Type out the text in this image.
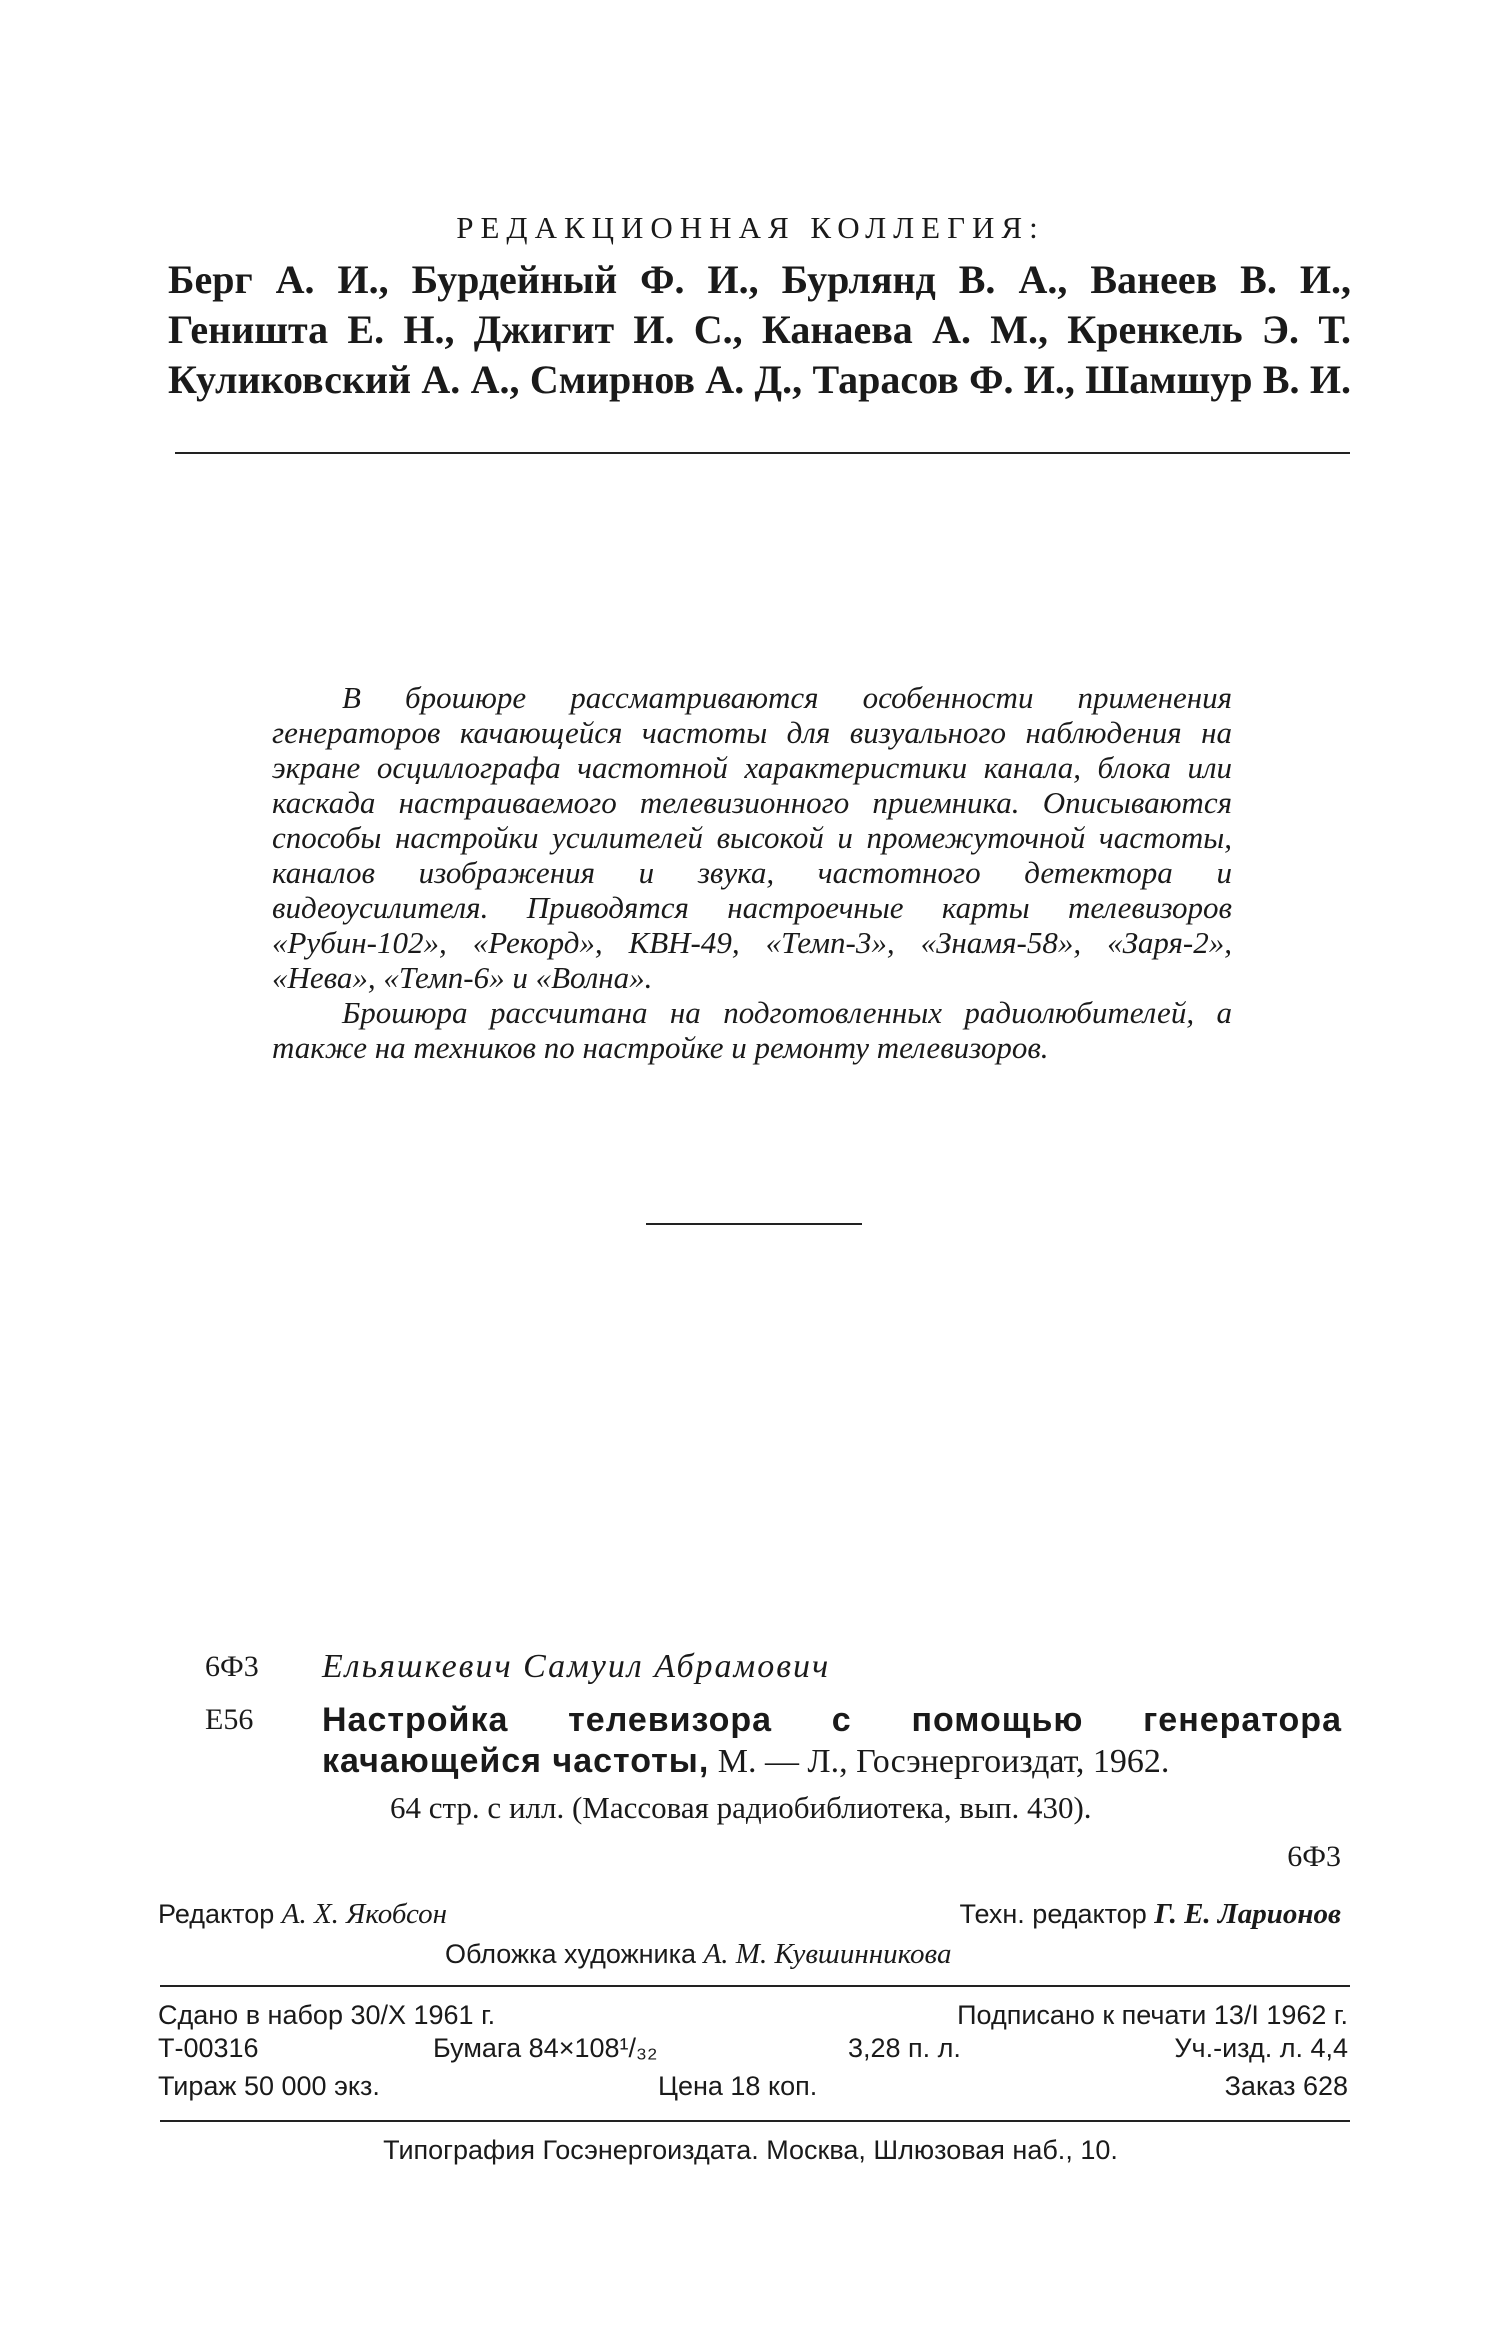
РЕДАКЦИОННАЯ КОЛЛЕГИЯ:
Берг А. И., Бурдейный Ф. И., Бурлянд В. А., Ванеев В. И.,
Геништа Е. Н., Джигит И. С., Канаева А. М., Кренкель Э. Т.
Куликовский А. А., Смирнов А. Д., Тарасов Ф. И., Шамшур В. И.

В брошюре рассматриваются особенности применения генераторов качающейся частоты для визуального наблюдения на экране осциллографа частотной характеристики канала, блока или каскада настраиваемого телевизионного приемника. Описываются способы настройки усилителей высокой и промежуточной частоты, каналов изображения и звука, частотного детектора и видеоусилителя. Приводятся настроечные карты телевизоров «Рубин-102», «Рекорд», КВН-49, «Темп-3», «Знамя-58», «Заря-2», «Нева», «Темп-6» и «Волна».

Брошюра рассчитана на подготовленных радиолюбителей, а также на техников по настройке и ремонту телевизоров.

6Ф3 Ельяшкевич Самуил Абрамович
Е56 Настройка телевизора с помощью генератора качающейся частоты, М. — Л., Госэнергоиздат, 1962.
64 стр. с илл. (Массовая радиобиблиотека, вып. 430).
6Ф3
Редактор А. Х. Якобсон	Техн. редактор Г. Е. Ларионов
Обложка художника А. М. Кувшинникова
Сдано в набор 30/X 1961 г.	Подписано к печати 13/I 1962 г.
Т-00316	Бумага 84×108¹/₃₂	3,28 п. л.	Уч.-изд. л. 4,4
Тираж 50 000 экз.	Цена 18 коп.	Заказ 628
Типография Госэнергоиздата. Москва, Шлюзовая наб., 10.
